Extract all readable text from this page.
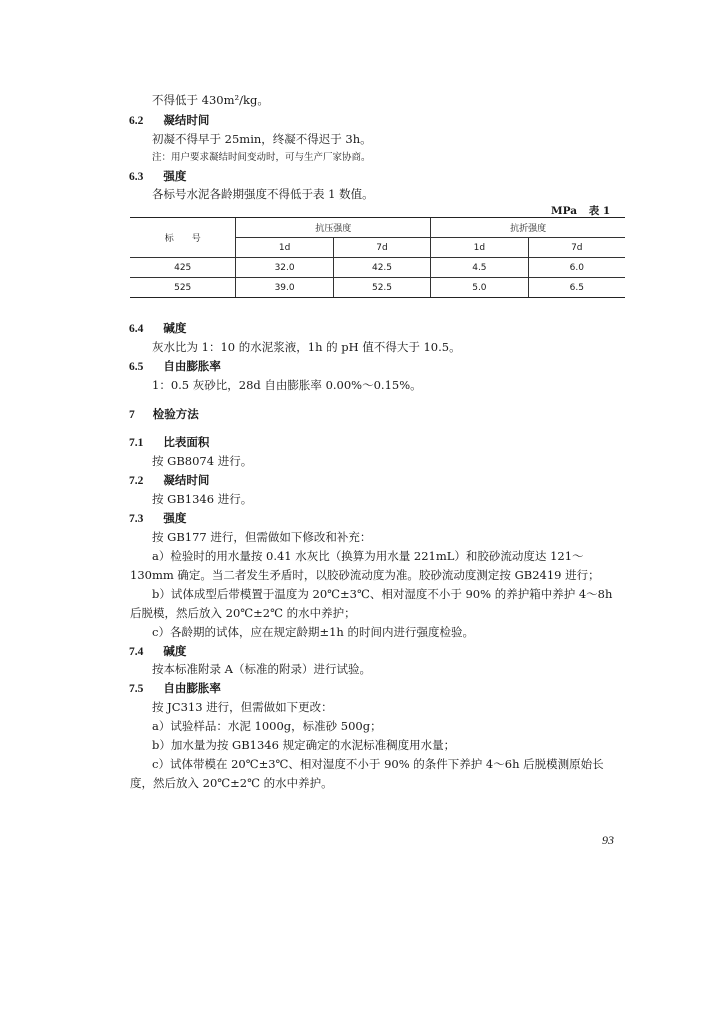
不得低于 430m²/kg。
6.2 凝结时间
初凝不得早于 25min，终凝不得迟于 3h。
注：用户要求凝结时间变动时，可与生产厂家协商。
6.3 强度
各标号水泥各龄期强度不得低于表 1 数值。
MPa 表 1
标　　号	抗压强度		抗折强度	
	1d	7d	1d	7d
425	32.0	42.5	4.5	6.0
525	39.0	52.5	5.0	6.5
6.4 碱度
灰水比为 1：10 的水泥浆液，1h 的 pH 值不得大于 10.5。
6.5 自由膨胀率
1：0.5 灰砂比，28d 自由膨胀率 0.00%～0.15%。
7 检验方法
7.1 比表面积
按 GB8074 进行。
7.2 凝结时间
按 GB1346 进行。
7.3 强度
按 GB177 进行，但需做如下修改和补充：
a）检验时的用水量按 0.41 水灰比（换算为用水量 221mL）和胶砂流动度达 121～
130mm 确定。当二者发生矛盾时，以胶砂流动度为准。胶砂流动度测定按 GB2419 进行；
b）试体成型后带模置于温度为 20℃±3℃、相对湿度不小于 90% 的养护箱中养护 4～8h
后脱模，然后放入 20℃±2℃ 的水中养护；
c）各龄期的试体，应在规定龄期±1h 的时间内进行强度检验。
7.4 碱度
按本标准附录 A（标准的附录）进行试验。
7.5 自由膨胀率
按 JC313 进行，但需做如下更改：
a）试验样品：水泥 1000g，标准砂 500g；
b）加水量为按 GB1346 规定确定的水泥标准稠度用水量；
c）试体带模在 20℃±3℃、相对湿度不小于 90% 的条件下养护 4～6h 后脱模测原始长
度，然后放入 20℃±2℃ 的水中养护。
93
